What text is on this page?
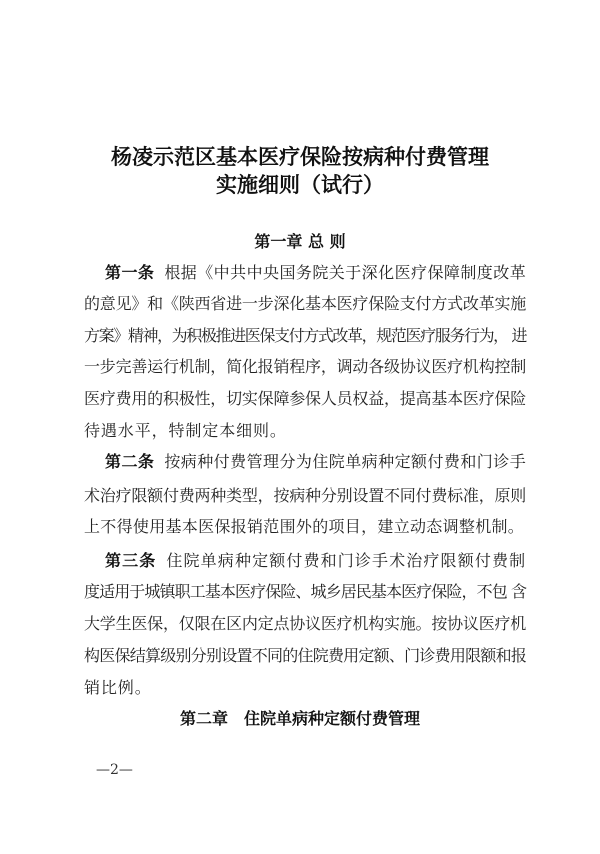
杨凌示范区基本医疗保险按病种付费管理
实施细则（试行）
第一章 总 则
第一条 根据《中共中央国务院关于深化医疗保障制度改革
的意见》和《陕西省进一步深化基本医疗保险支付方式改革实施
方案》精神，为积极推进医保支付方式改革，规范医疗服务行为， 进
一步完善运行机制，简化报销程序，调动各级协议医疗机构控制
医疗费用的积极性，切实保障参保人员权益，提高基本医疗保险
待遇水平，特制定本细则。
第二条 按病种付费管理分为住院单病种定额付费和门诊手
术治疗限额付费两种类型，按病种分别设置不同付费标准，原则
上不得使用基本医保报销范围外的项目，建立动态调整机制。
第三条 住院单病种定额付费和门诊手术治疗限额付费制
度适用于城镇职工基本医疗保险、城乡居民基本医疗保险，不包 含
大学生医保，仅限在区内定点协议医疗机构实施。按协议医疗机
构医保结算级别分别设置不同的住院费用定额、门诊费用限额和报
销比例。
第二章　住院单病种定额付费管理
—2—
